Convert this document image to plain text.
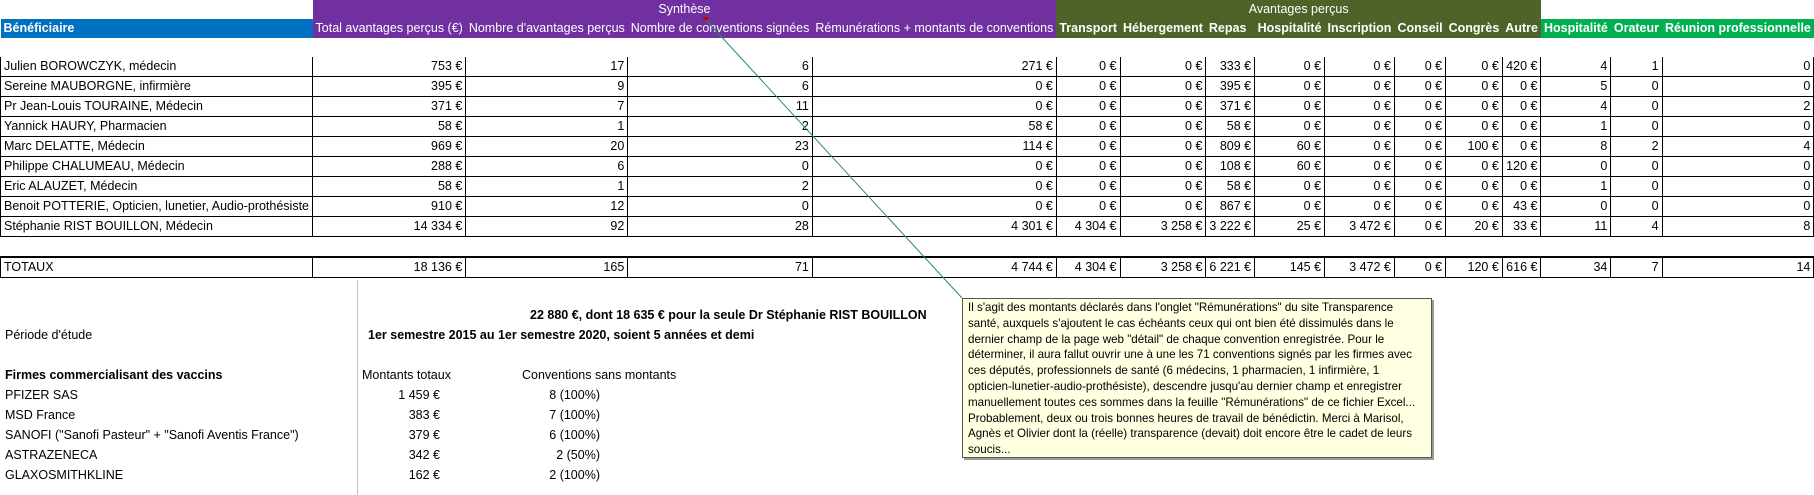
	Synthèse				Avantages perçus										
Bénéficiaire	Total avantages perçus (€)	Nombre d'avantages perçus	Nombre de conventions signées	Rémunérations + montants de conventions	Transport	Hébergement	Repas	Hospitalité	Inscription	Conseil	Congrès	Autre	Hospitalité	Orateur	Réunion professionnelle

Julien BOROWCZYK, médecin	753 €	17	6	271 €	0 €	0 €	333 €	0 €	0 €	0 €	0 €	420 €	4	1	0
Sereine MAUBORGNE, infirmière	395 €	9	6	0 €	0 €	0 €	395 €	0 €	0 €	0 €	0 €	0 €	5	0	0
Pr Jean-Louis TOURAINE, Médecin	371 €	7	11	0 €	0 €	0 €	371 €	0 €	0 €	0 €	0 €	0 €	4	0	2
Yannick HAURY, Pharmacien	58 €	1	2	58 €	0 €	0 €	58 €	0 €	0 €	0 €	0 €	0 €	1	0	0
Marc DELATTE, Médecin	969 €	20	23	114 €	0 €	0 €	809 €	60 €	0 €	0 €	100 €	0 €	8	2	4
Philippe CHALUMEAU, Médecin	288 €	6	0	0 €	0 €	0 €	108 €	60 €	0 €	0 €	0 €	120 €	0	0	0
Eric ALAUZET, Médecin	58 €	1	2	0 €	0 €	0 €	58 €	0 €	0 €	0 €	0 €	0 €	1	0	0
Benoit POTTERIE, Opticien, lunetier, Audio-prothésiste	910 €	12	0	0 €	0 €	0 €	867 €	0 €	0 €	0 €	0 €	43 €	0	0	0
Stéphanie RIST BOUILLON, Médecin	14 334 €	92	28	4 301 €	4 304 €	3 258 €	3 222 €	25 €	3 472 €	0 €	20 €	33 €	11	4	8

TOTAUX	18 136 €	165	71	4 744 €	4 304 €	3 258 €	6 221 €	145 €	3 472 €	0 €	120 €	616 €	34	7	14
22 880 €, dont 18 635 € pour la seule Dr Stéphanie RIST BOUILLON
Période d'étude	1er semestre 2015 au 1er semestre 2020, soient 5 années et demi
Firmes commercialisant des vaccins	Montants totaux	Conventions sans montants
PFIZER SAS	1 459 €	8 (100%)
MSD France	383 €	7 (100%)
SANOFI ("Sanofi Pasteur" + "Sanofi Aventis France")	379 €	6 (100%)
ASTRAZENECA	342 €	2 (50%)
GLAXOSMITHKLINE	162 €	2 (100%)
Il s'agit des montants déclarés dans l'onglet "Rémunérations" du site Transparence santé, auxquels s'ajoutent le cas échéants ceux qui ont bien été dissimulés dans le dernier champ de la page web "détail" de chaque convention enregistrée. Pour le déterminer, il aura fallut ouvrir une à une les 71 conventions signés par les firmes avec ces députés, professionnels de santé (6 médecins, 1 pharmacien, 1 infirmière, 1 opticien-lunetier-audio-prothésiste), descendre jusqu'au dernier champ et enregistrer manuellement toutes ces sommes dans la feuille "Rémunérations" de ce fichier Excel... Probablement, deux ou trois bonnes heures de travail de bénédictin. Merci à Marisol, Agnès et Olivier dont la (réelle) transparence (devait) doit encore être le cadet de leurs soucis...
